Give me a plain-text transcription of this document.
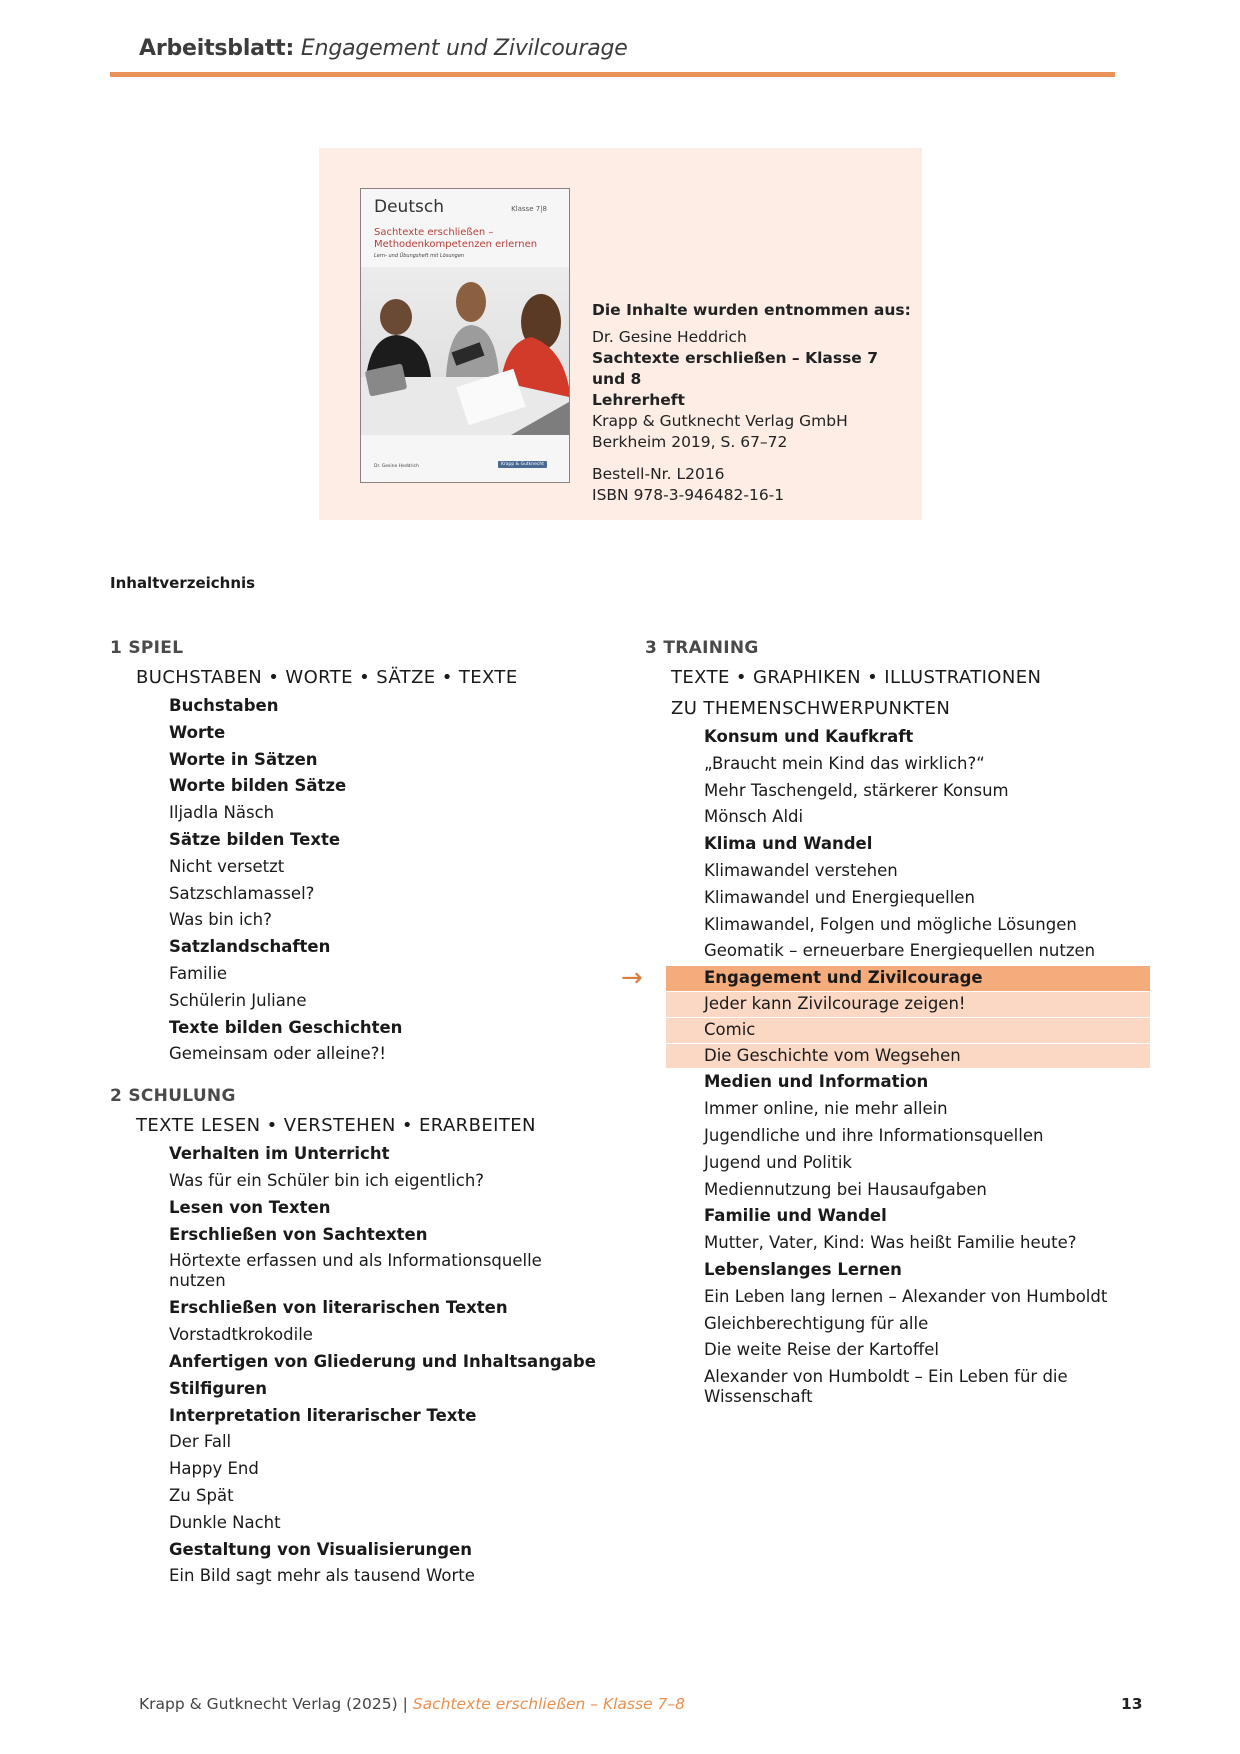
Arbeitsblatt: Engagement und Zivilcourage
Deutsch	Klasse 7|8
Sachtexte erschließen – Methodenkompetenzen erlernen
Lern- und Übungsheft mit Lösungen
Dr. Gesine Heddrich	Krapp & Gutknecht
Die Inhalte wurden entnommen aus:
Dr. Gesine Heddrich
Sachtexte erschließen – Klasse 7 und 8
Lehrerheft
Krapp & Gutknecht Verlag GmbH
Berkheim 2019, S. 67–72
Bestell-Nr. L2016
ISBN 978-3-946482-16-1
Inhaltverzeichnis
1 SPIEL
BUCHSTABEN • WORTE • SÄTZE • TEXTE
Buchstaben
Worte
Worte in Sätzen
Worte bilden Sätze
Iljadla Näsch
Sätze bilden Texte
Nicht versetzt
Satzschlamassel?
Was bin ich?
Satzlandschaften
Familie
Schülerin Juliane
Texte bilden Geschichten
Gemeinsam oder alleine?!
2 SCHULUNG
TEXTE LESEN • VERSTEHEN • ERARBEITEN
Verhalten im Unterricht
Was für ein Schüler bin ich eigentlich?
Lesen von Texten
Erschließen von Sachtexten
Hörtexte erfassen und als Informationsquelle nutzen
Erschließen von literarischen Texten
Vorstadtkrokodile
Anfertigen von Gliederung und Inhaltsangabe
Stilfiguren
Interpretation literarischer Texte
Der Fall
Happy End
Zu Spät
Dunkle Nacht
Gestaltung von Visualisierungen
Ein Bild sagt mehr als tausend Worte
3 TRAINING
TEXTE • GRAPHIKEN • ILLUSTRATIONEN
ZU THEMENSCHWERPUNKTEN
Konsum und Kaufkraft
„Braucht mein Kind das wirklich?“
Mehr Taschengeld, stärkerer Konsum
Mönsch Aldi
Klima und Wandel
Klimawandel verstehen
Klimawandel und Energiequellen
Klimawandel, Folgen und mögliche Lösungen
Geomatik – erneuerbare Energiequellen nutzen
Engagement und Zivilcourage
→
Jeder kann Zivilcourage zeigen!
Comic
Die Geschichte vom Wegsehen
Medien und Information
Immer online, nie mehr allein
Jugendliche und ihre Informationsquellen
Jugend und Politik
Mediennutzung bei Hausaufgaben
Familie und Wandel
Mutter, Vater, Kind: Was heißt Familie heute?
Lebenslanges Lernen
Ein Leben lang lernen – Alexander von Humboldt
Gleichberechtigung für alle
Die weite Reise der Kartoffel
Alexander von Humboldt – Ein Leben für die Wissenschaft
Krapp & Gutknecht Verlag (2025) | Sachtexte erschließen – Klasse 7–8	13
